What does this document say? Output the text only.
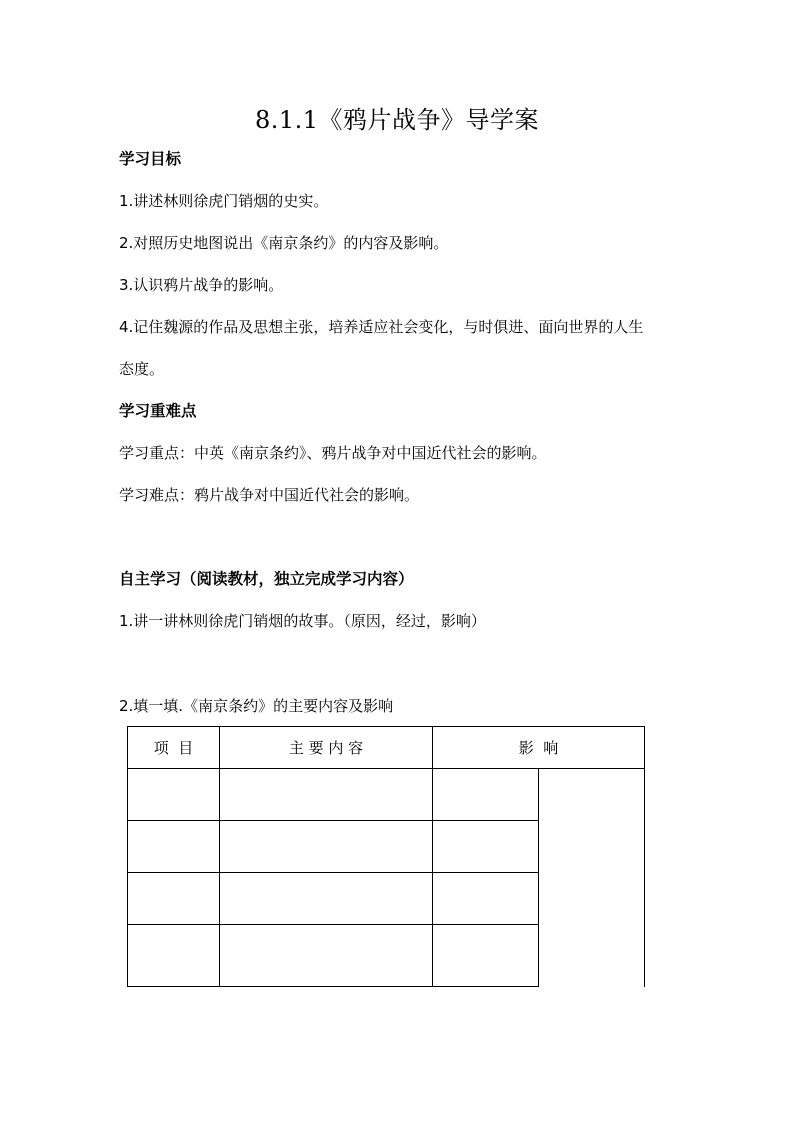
8.1.1《鸦片战争》导学案
学习目标
1.讲述林则徐虎门销烟的史实。
2.对照历史地图说出《南京条约》的内容及影响。
3.认识鸦片战争的影响。
4.记住魏源的作品及思想主张，培养适应社会变化，与时俱进、面向世界的人生
态度。
学习重难点
学习重点：中英《南京条约》、鸦片战争对中国近代社会的影响。
学习难点：鸦片战争对中国近代社会的影响。
自主学习（阅读教材，独立完成学习内容）
1.讲一讲林则徐虎门销烟的故事。（原因，经过，影响）
2.填一填.《南京条约》的主要内容及影响
项  目	主 要 内 容	影  响	
